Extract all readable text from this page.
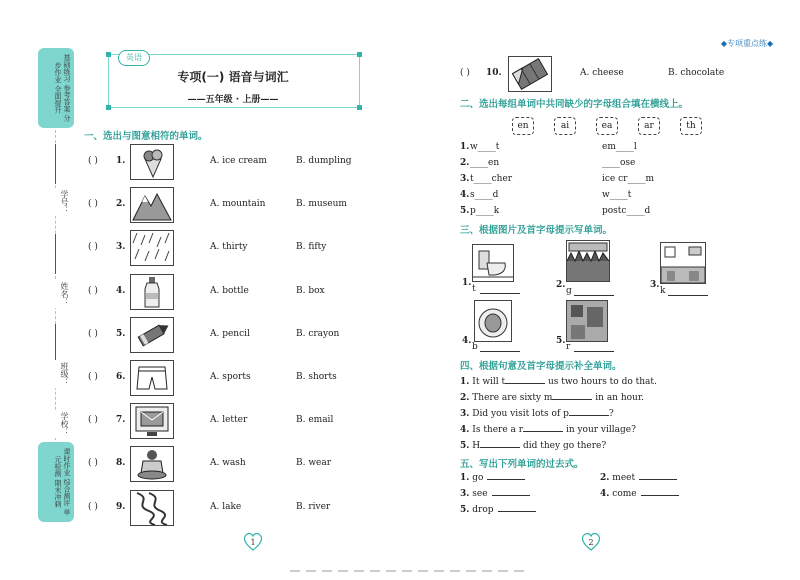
基础练习 参考答案 分步作业 全面提升
学号：
姓名：
班级：
学校：
课时作业 综合测评 单元检测 期末冲刺
英语
专项(一) 语音与词汇
——五年级 · 上册——
◆专项重点练◆
一、选出与图意相符的单词。
( ) 1.	A. ice cream	B. dumpling
( ) 2.	A. mountain	B. museum
( ) 3.	A. thirty	B. fifty
( ) 4.	A. bottle	B. box
( ) 5.	A. pencil	B. crayon
( ) 6.	A. sports	B. shorts
( ) 7.	A. letter	B. email
( ) 8.	A. wash	B. wear
( ) 9.	A. lake	B. river
( ) 10.	A. cheese	B. chocolate
二、选出每组单词中共同缺少的字母组合填在横线上。
en	ai	ea	ar	th
1. w____t	em____l
2. ____en	____ose
3. t____cher	ice cr____m
4. s____d	w____t
5. p____k	postc____d
三、根据图片及首字母提示写单词。
1.
t	2.
g
3.
k
4.
b
5.
r
四、根据句意及首字母提示补全单词。
1. It will t	us two hours to do that.
2. There are sixty m	in an hour.
3. Did you visit lots of p	?
4. Is there a r	in your village?
5. H	did they go there?
五、写出下列单词的过去式。
1. go	2. meet
3. see	4. come
5. drop
1	2
